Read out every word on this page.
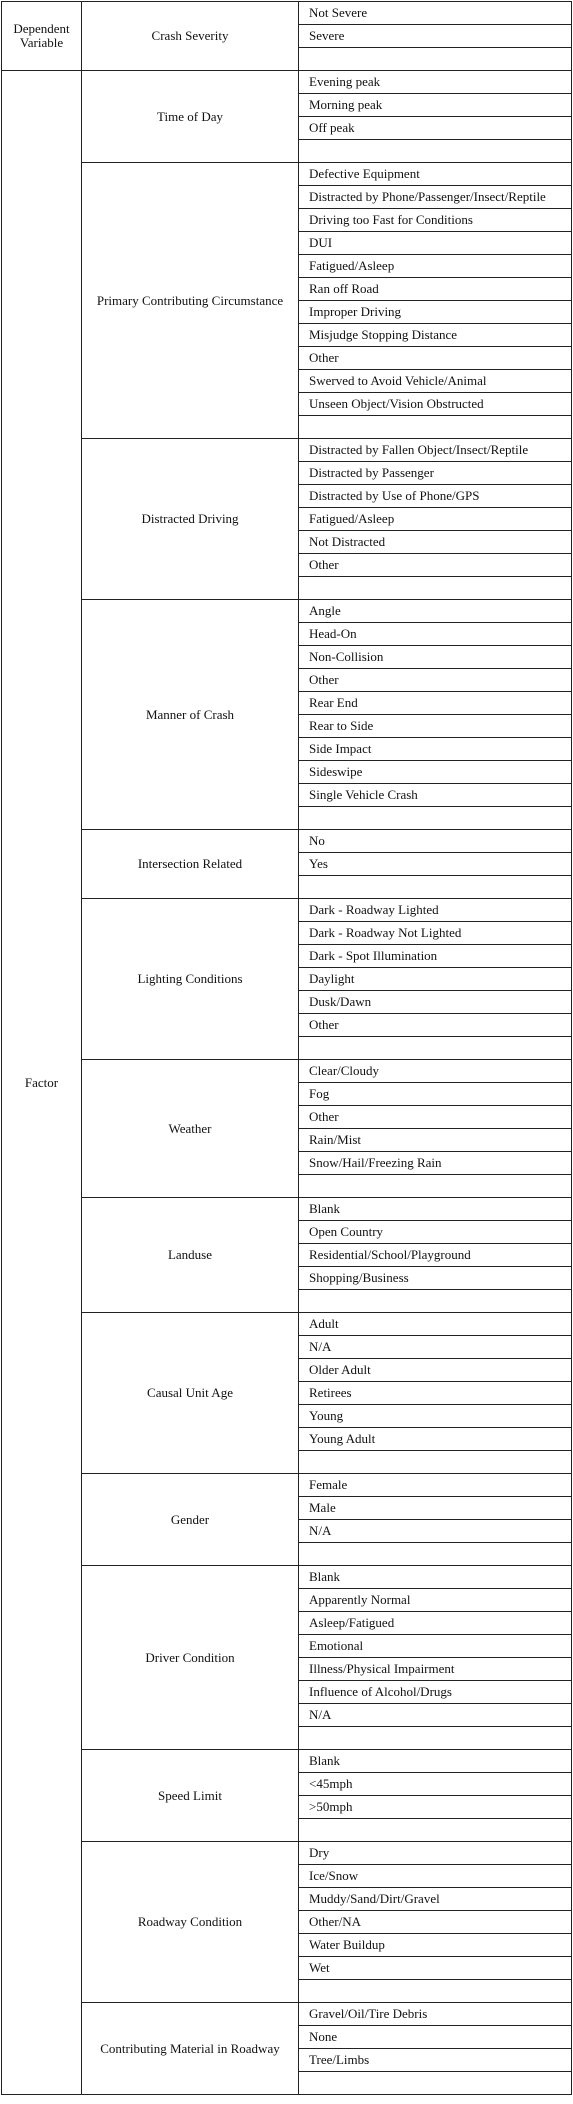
Dependent Variable	Crash Severity	Not Severe
		Severe

Factor	Time of Day	Evening peak
		Morning peak
		Off peak

	Primary Contributing Circumstance	Defective Equipment
		Distracted by Phone/Passenger/Insect/Reptile
		Driving too Fast for Conditions
		DUI
		Fatigued/Asleep
		Ran off Road
		Improper Driving
		Misjudge Stopping Distance
		Other
		Swerved to Avoid Vehicle/Animal
		Unseen Object/Vision Obstructed

	Distracted Driving	Distracted by Fallen Object/Insect/Reptile
		Distracted by Passenger
		Distracted by Use of Phone/GPS
		Fatigued/Asleep
		Not Distracted
		Other

	Manner of Crash	Angle
		Head-On
		Non-Collision
		Other
		Rear End
		Rear to Side
		Side Impact
		Sideswipe
		Single Vehicle Crash

	Intersection Related	No
		Yes

	Lighting Conditions	Dark - Roadway Lighted
		Dark - Roadway Not Lighted
		Dark - Spot Illumination
		Daylight
		Dusk/Dawn
		Other

	Weather	Clear/Cloudy
		Fog
		Other
		Rain/Mist
		Snow/Hail/Freezing Rain

	Landuse	Blank
		Open Country
		Residential/School/Playground
		Shopping/Business

	Causal Unit Age	Adult
		N/A
		Older Adult
		Retirees
		Young
		Young Adult

	Gender	Female
		Male
		N/A

	Driver Condition	Blank
		Apparently Normal
		Asleep/Fatigued
		Emotional
		Illness/Physical Impairment
		Influence of Alcohol/Drugs
		N/A

	Speed Limit	Blank
		<45mph
		>50mph

	Roadway Condition	Dry
		Ice/Snow
		Muddy/Sand/Dirt/Gravel
		Other/NA
		Water Buildup
		Wet

	Contributing Material in Roadway	Gravel/Oil/Tire Debris
		None
		Tree/Limbs
